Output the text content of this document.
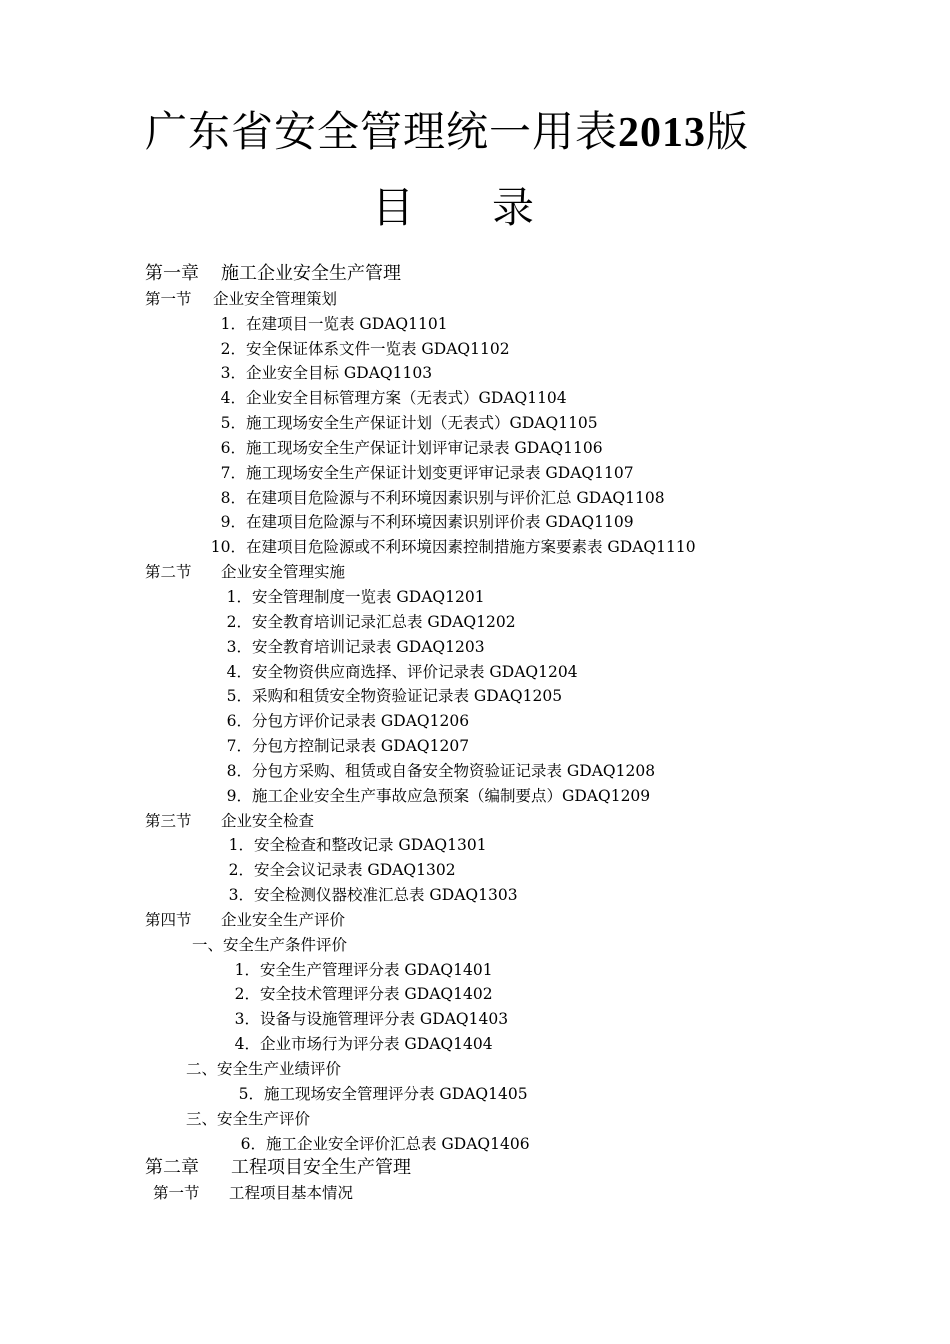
广东省安全管理统一用表2013版
目 录
第一章 施工企业安全生产管理
第一节 企业安全管理策划
1． 在建项目一览表 GDAQ1101
2． 安全保证体系文件一览表 GDAQ1102
3． 企业安全目标 GDAQ1103
4． 企业安全目标管理方案（无表式）GDAQ1104
5． 施工现场安全生产保证计划（无表式）GDAQ1105
6． 施工现场安全生产保证计划评审记录表 GDAQ1106
7． 施工现场安全生产保证计划变更评审记录表 GDAQ1107
8． 在建项目危险源与不利环境因素识别与评价汇总 GDAQ1108
9． 在建项目危险源与不利环境因素识别评价表 GDAQ1109
10． 在建项目危险源或不利环境因素控制措施方案要素表 GDAQ1110
第二节 企业安全管理实施
1． 安全管理制度一览表 GDAQ1201
2． 安全教育培训记录汇总表 GDAQ1202
3． 安全教育培训记录表 GDAQ1203
4． 安全物资供应商选择、评价记录表 GDAQ1204
5． 采购和租赁安全物资验证记录表 GDAQ1205
6． 分包方评价记录表 GDAQ1206
7． 分包方控制记录表 GDAQ1207
8． 分包方采购、租赁或自备安全物资验证记录表 GDAQ1208
9． 施工企业安全生产事故应急预案（编制要点）GDAQ1209
第三节 企业安全检查
1． 安全检查和整改记录 GDAQ1301
2． 安全会议记录表 GDAQ1302
3． 安全检测仪器校准汇总表 GDAQ1303
第四节 企业安全生产评价
一、安全生产条件评价
1． 安全生产管理评分表 GDAQ1401
2． 安全技术管理评分表 GDAQ1402
3． 设备与设施管理评分表 GDAQ1403
4． 企业市场行为评分表 GDAQ1404
二、安全生产业绩评价
5． 施工现场安全管理评分表 GDAQ1405
三、安全生产评价
6． 施工企业安全评价汇总表 GDAQ1406
第二章 工程项目安全生产管理
第一节 工程项目基本情况
